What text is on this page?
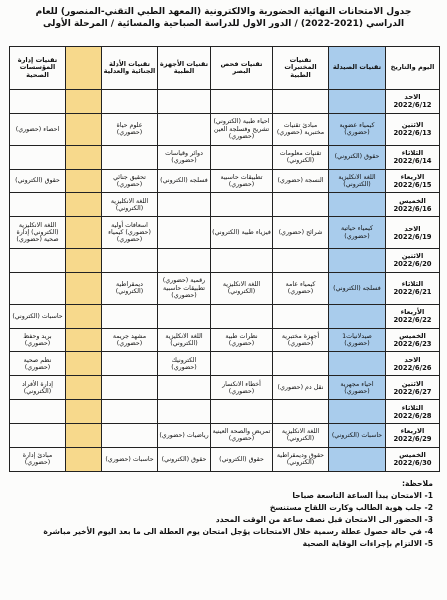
جدول الامتحانات النهائية الحضورية والالكترونية (المعهد الطبي التقني-المنصور) للعام
الدراسي (2021-2022) / الدور الاول للدراسة الصباحية والمسائية / المرحلة الأولى
اليوم والتاريخ	تقنيات الصيدلة	تقنيات المختبرات الطبية	تقنيات فحص البصر	تقنيات الأجهزة الطبية	تقنيات الأدلة الجنائية والعدلية		تقنيات إدارة المؤسسات الصحية

الاحد
2022/6/12							

الاثنين
2022/6/13	كيمياء عضوية (حضوري)	مبادئ تقنيات مختبرية (حضوري)	احياء طبية (الكتروني) تشريح وفسلجة العين (حضوري)		علوم حياة (حضوري)		احصاء (حضوري)

الثلاثاء
2022/6/14	حقوق (الكتروني)	تقنيات معلومات (الكتروني)		دوائر وقياسات (حضوري)			

الاربعاء
2022/6/15	اللغة الانكليزية (الكتروني)	النسجة (حضوري)	تطبيقات حاسبية (حضوري)	فسلجه (الكتروني)	تحقيق جنائي (حضوري)		حقوق (الكتروني)

الخميس
2022/6/16					اللغة الانكليزية (الكتروني)		

الاحد
2022/6/19	كيمياء حياتية (حضوري)	شرائح (حضوري)	فيزياء طبية (الكتروني)		اسعافات أولية (حضوري) كيمياء (حضوري)		اللغة الانكليزية (الكتروني) إدارة صحية (حضوري)

الاثنين
2022/6/20							

الثلاثاء
2022/6/21	فسلجه (الكتروني)	كيمياء عامة (حضوري)	اللغة الانكليزية (الكتروني)	رقمية (حضوري) تطبيقات حاسبية (حضوري)	ديمقراطية (الكتروني)		

الأربعاء
2022/6/22							حاسبات (الكتروني)

الخميس
2022/6/23	صيدلانيات1 (حضوري)	أجهزة مختبرية (حضوري)	نظرات طبية (حضوري)	اللغة الانكليزية (الكتروني)	مشهد جريمة (حضوري)		بريد وحفظ (حضوري)

الاحد
2022/6/26				الكترونيك (حضوري)			نظم صحية (حضوري)

الاثنين
2022/6/27	احياء مجهرية (حضوري)	نقل دم (حضوري)	أخطاء الانكسار (حضوري)				إدارة الأفراد (الكتروني)

الثلاثاء
2022/6/28							

الاربعاء
2022/6/29	حاسبات (الكتروني)	اللغة الانكليزية (الكتروني)	تمريض والصحة العينية (حضوري)	رياضيات (حضوري)			

الخميس
2022/6/30		حقوق وديمقراطية (الكتروني)	حقوق (الكتروني)	حقوق (الكتروني)	حاسبات (حضوري)		مبادئ إدارة (حضوري)
ملاحظة:
1- الامتحان يبدأ الساعة التاسعة صباحا
2- جلب هوية الطالب وكارت اللقاح مستنسخ
3- الحضور الى الامتحان قبل نصف ساعة من الوقت المحدد
4- في حالة حصول عطلة رسمية خلال الامتحانات يؤجل امتحان يوم العطلة الى ما بعد اليوم الأخير مباشرة
5- الالتزام بإجراءات الوقاية الصحية
